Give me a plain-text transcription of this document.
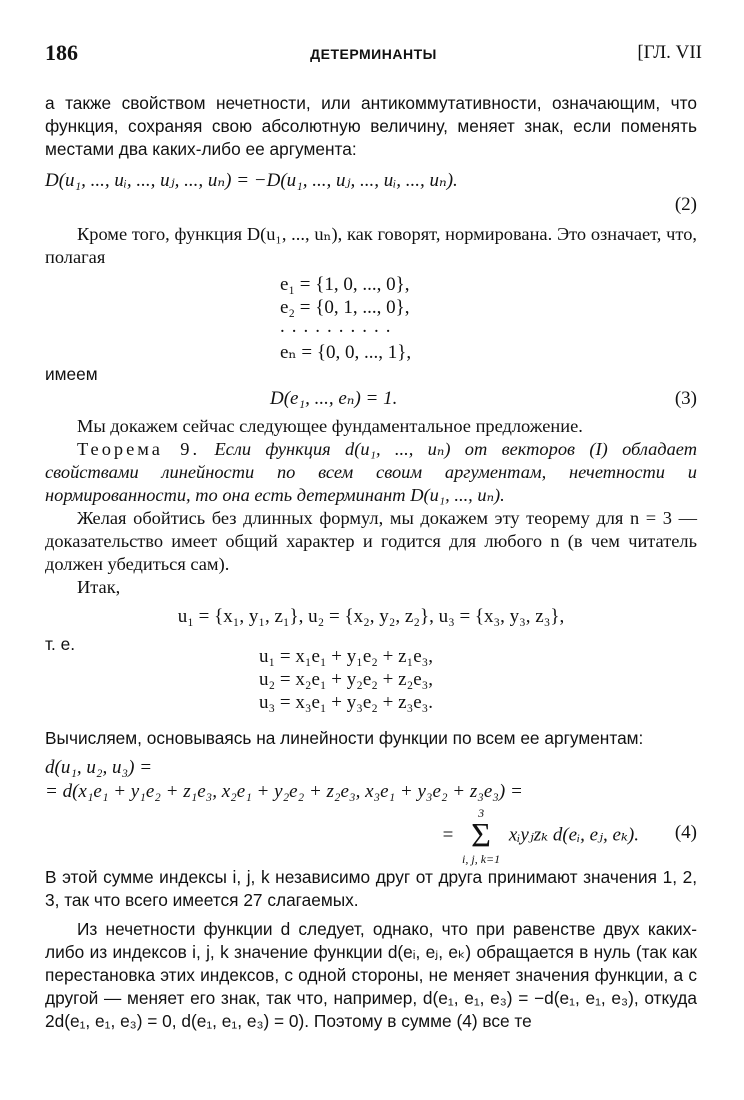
186	ДЕТЕРМИНАНТЫ	[ГЛ. VII

а также свойством нечетности, или антикоммутативности, означающим, что функция, сохраняя свою абсолютную величину, меняет знак, если поменять местами два каких-либо ее аргумента:

D(u₁, ..., uᵢ, ..., uⱼ, ..., uₙ) = −D(u₁, ..., uⱼ, ..., uᵢ, ..., uₙ).
(2)

Кроме того, функция D(u₁, ..., uₙ), как говорят, нормирована. Это означает, что, полагая

e₁ = {1, 0, ..., 0},
e₂ = {0, 1, ..., 0},
..........
eₙ = {0, 0, ..., 1},
имеем
D(e₁, ..., eₙ) = 1.	(3)

Мы докажем сейчас следующее фундаментальное предложение.

Теорема 9. Если функция d(u₁, ..., uₙ) от векторов (I) обладает свойствами линейности по всем своим аргументам, нечетности и нормированности, то она есть детерминант D(u₁, ..., uₙ).

Желая обойтись без длинных формул, мы докажем эту теорему для n = 3 — доказательство имеет общий характер и годится для любого n (в чем читатель должен убедиться сам).

Итак,

u₁ = {x₁, y₁, z₁}, u₂ = {x₂, y₂, z₂}, u₃ = {x₃, y₃, z₃},
т. е.
u₁ = x₁e₁ + y₁e₂ + z₁e₃,
u₂ = x₂e₁ + y₂e₂ + z₂e₃,
u₃ = x₃e₁ + y₃e₂ + z₃e₃.

Вычисляем, основываясь на линейности функции по всем ее аргументам:

d(u₁, u₂, u₃) =
= d(x₁e₁ + y₁e₂ + z₁e₃, x₂e₁ + y₂e₂ + z₂e₃, x₃e₁ + y₃e₂ + z₃e₃) =
=
3
Σ
i, j, k=1
xᵢyⱼzₖ d(eᵢ, eⱼ, eₖ).	(4)

В этой сумме индексы i, j, k независимо друг от друга принимают значения 1, 2, 3, так что всего имеется 27 слагаемых.

Из нечетности функции d следует, однако, что при равенстве двух каких-либо из индексов i, j, k значение функции d(eᵢ, eⱼ, eₖ) обращается в нуль (так как перестановка этих индексов, с одной стороны, не меняет значения функции, а с другой — меняет его знак, так что, например, d(e₁, e₁, e₃) = −d(e₁, e₁, e₃), откуда 2d(e₁, e₁, e₃) = 0, d(e₁, e₁, e₃) = 0). Поэтому в сумме (4) все те
